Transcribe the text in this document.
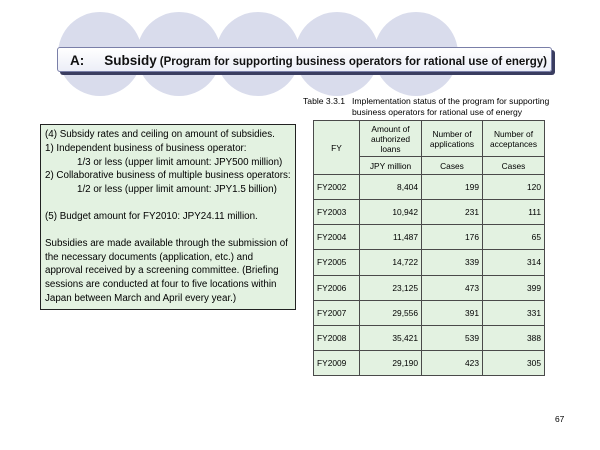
A: Subsidy (Program for supporting business operators for rational use of energy)
Table 3.3.1 Implementation status of the program for supporting
business operators for rational use of energy

(4) Subsidy rates and ceiling on amount of subsidies.

1) Independent business of business operator:

1/3 or less (upper limit amount: JPY500 million)

2) Collaborative business of multiple business operators:

1/2 or less (upper limit amount: JPY1.5 billion)

(5) Budget amount for FY2010: JPY24.11 million.

Subsidies are made available through the submission of the necessary documents (application, etc.) and approval received by a screening committee. (Briefing sessions are conducted at four to five locations within Japan between March and April every year.)

FY	Amount of authorized loans	Number of applications	Number of acceptances
	JPY million	Cases	Cases
FY2002	8,404	199	120
FY2003	10,942	231	111
FY2004	11,487	176	65
FY2005	14,722	339	314
FY2006	23,125	473	399
FY2007	29,556	391	331
FY2008	35,421	539	388
FY2009	29,190	423	305
67
